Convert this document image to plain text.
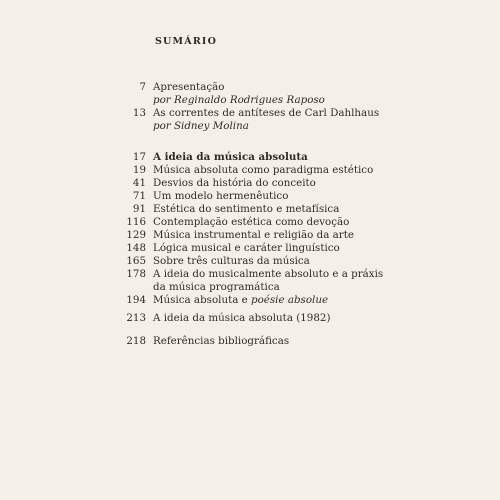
SUMÁRIO
7 Apresentação
por Reginaldo Rodrigues Raposo
13 As correntes de antíteses de Carl Dahlhaus
por Sidney Molina
17 A ideia da música absoluta
19 Música absoluta como paradigma estético
41 Desvios da história do conceito
71 Um modelo hermenêutico
91 Estética do sentimento e metafísica
116 Contemplação estética como devoção
129 Música instrumental e religião da arte
148 Lógica musical e caráter linguístico
165 Sobre três culturas da música
178 A ideia do musicalmente absoluto e a práxis
da música programática
194 Música absoluta e poésie absolue
213 A ideia da música absoluta (1982)
218 Referências bibliográficas
